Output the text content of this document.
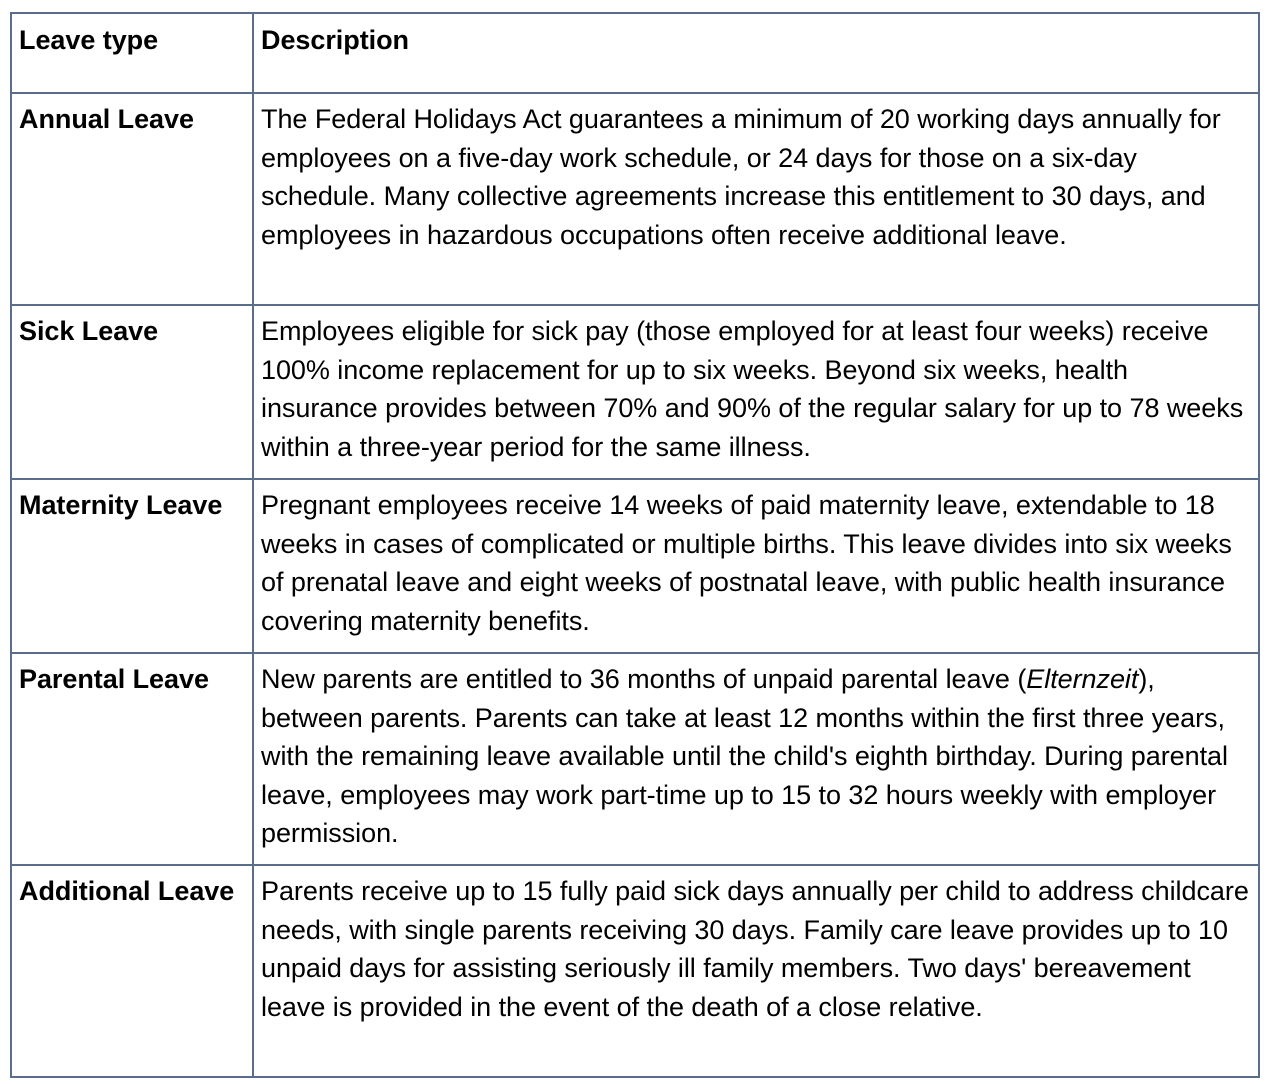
Leave type	Description
Annual Leave	The Federal Holidays Act guarantees a minimum of 20 working days annually for employees on a five-day work schedule, or 24 days for those on a six-day schedule. Many collective agreements increase this entitlement to 30 days, and employees in hazardous occupations often receive additional leave.
Sick Leave	Employees eligible for sick pay (those employed for at least four weeks) receive 100% income replacement for up to six weeks. Beyond six weeks, health insurance provides between 70% and 90% of the regular salary for up to 78 weeks within a three-year period for the same illness.
Maternity Leave	Pregnant employees receive 14 weeks of paid maternity leave, extendable to 18 weeks in cases of complicated or multiple births. This leave divides into six weeks of prenatal leave and eight weeks of postnatal leave, with public health insurance covering maternity benefits.
Parental Leave	New parents are entitled to 36 months of unpaid parental leave (Elternzeit), between parents. Parents can take at least 12 months within the first three years, with the remaining leave available until the child's eighth birthday. During parental leave, employees may work part-time up to 15 to 32 hours weekly with employer permission.
Additional Leave	Parents receive up to 15 fully paid sick days annually per child to address childcare needs, with single parents receiving 30 days. Family care leave provides up to 10 unpaid days for assisting seriously ill family members. Two days' bereavement leave is provided in the event of the death of a close relative.
